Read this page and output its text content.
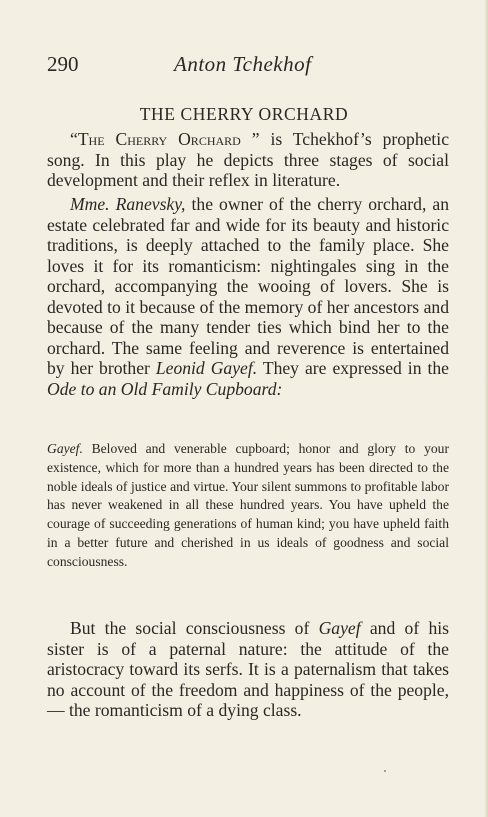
290	Anton Tchekhof
THE CHERRY ORCHARD

“The Cherry Orchard ” is Tchekhof’s prophetic song. In this play he depicts three stages of social development and their reflex in literature.

Mme. Ranevsky, the owner of the cherry orchard, an estate celebrated far and wide for its beauty and historic traditions, is deeply attached to the family place. She loves it for its romanticism: nightingales sing in the orchard, accompanying the wooing of lovers. She is devoted to it because of the memory of her ancestors and because of the many tender ties which bind her to the orchard. The same feeling and reverence is entertained by her brother Leonid Gayef. They are expressed in the Ode to an Old Family Cupboard:

Gayef. Beloved and venerable cupboard; honor and glory to your existence, which for more than a hundred years has been directed to the noble ideals of justice and virtue. Your silent summons to profitable labor has never weakened in all these hundred years. You have upheld the courage of succeeding generations of human kind; you have upheld faith in a better future and cherished in us ideals of goodness and social consciousness.

But the social consciousness of Gayef and of his sister is of a paternal nature: the attitude of the aristocracy toward its serfs. It is a paternalism that takes no account of the freedom and happiness of the people,— the romanticism of a dying class.
